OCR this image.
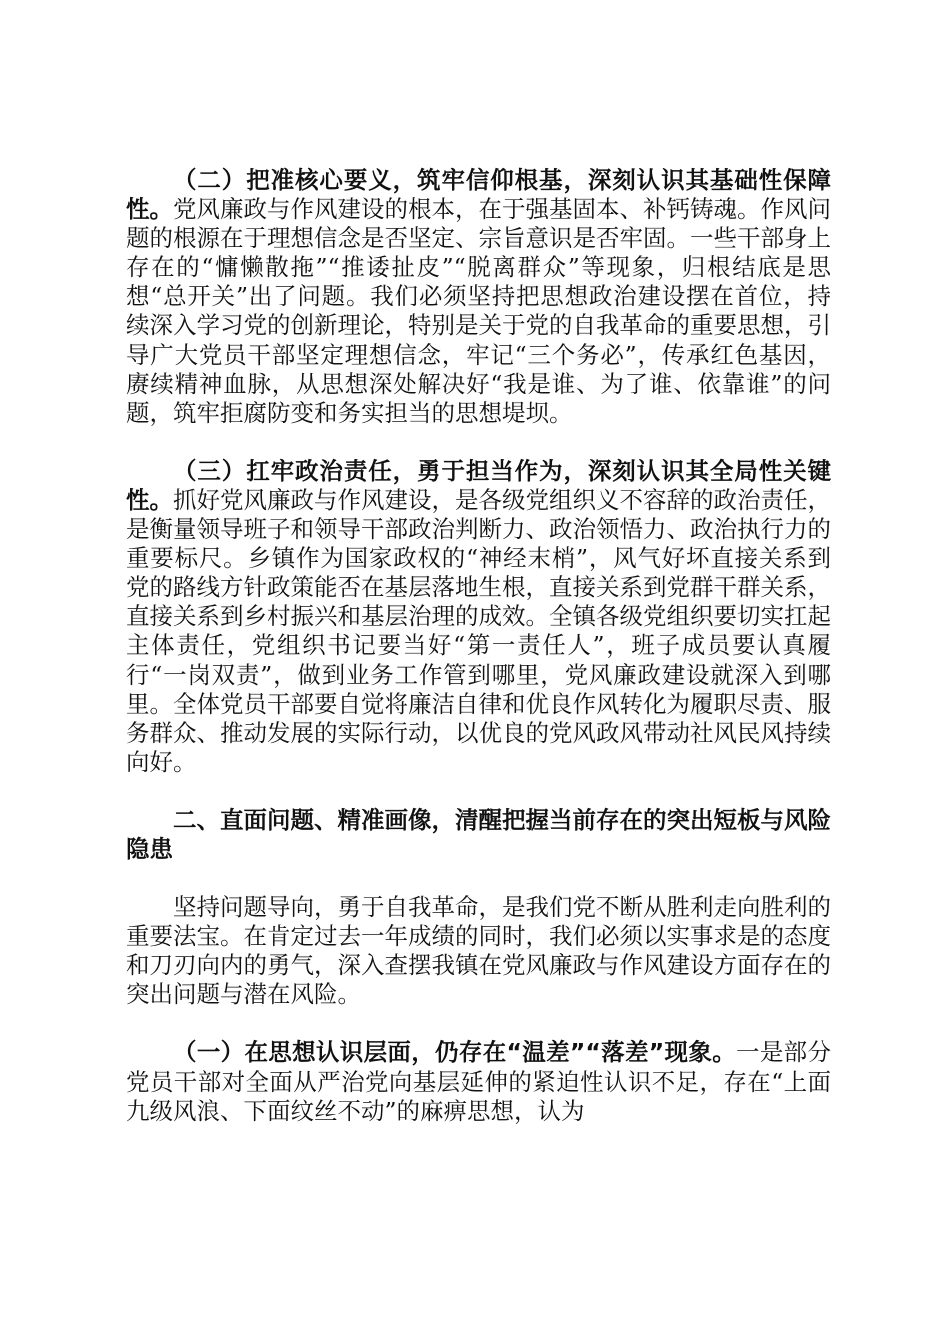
（二）把准核心要义，筑牢信仰根基，深刻认识其基础性保障性。党风廉政与作风建设的根本，在于强基固本、补钙铸魂。作风问题的根源在于理想信念是否坚定、宗旨意识是否牢固。一些干部身上存在的“慵懒散拖”“推诿扯皮”“脱离群众”等现象，归根结底是思想“总开关”出了问题。我们必须坚持把思想政治建设摆在首位，持续深入学习党的创新理论，特别是关于党的自我革命的重要思想，引导广大党员干部坚定理想信念，牢记“三个务必”，传承红色基因，赓续精神血脉，从思想深处解决好“我是谁、为了谁、依靠谁”的问题，筑牢拒腐防变和务实担当的思想堤坝。

（三）扛牢政治责任，勇于担当作为，深刻认识其全局性关键性。抓好党风廉政与作风建设，是各级党组织义不容辞的政治责任，是衡量领导班子和领导干部政治判断力、政治领悟力、政治执行力的重要标尺。乡镇作为国家政权的“神经末梢”，风气好坏直接关系到党的路线方针政策能否在基层落地生根，直接关系到党群干群关系，直接关系到乡村振兴和基层治理的成效。全镇各级党组织要切实扛起主体责任，党组织书记要当好“第一责任人”，班子成员要认真履行“一岗双责”，做到业务工作管到哪里，党风廉政建设就深入到哪里。全体党员干部要自觉将廉洁自律和优良作风转化为履职尽责、服务群众、推动发展的实际行动，以优良的党风政风带动社风民风持续向好。

二、直面问题、精准画像，清醒把握当前存在的突出短板与风险隐患

坚持问题导向，勇于自我革命，是我们党不断从胜利走向胜利的重要法宝。在肯定过去一年成绩的同时，我们必须以实事求是的态度和刀刃向内的勇气，深入查摆我镇在党风廉政与作风建设方面存在的突出问题与潜在风险。

（一）在思想认识层面，仍存在“温差”“落差”现象。一是部分党员干部对全面从严治党向基层延伸的紧迫性认识不足，存在“上面九级风浪、下面纹丝不动”的麻痹思想，认为
